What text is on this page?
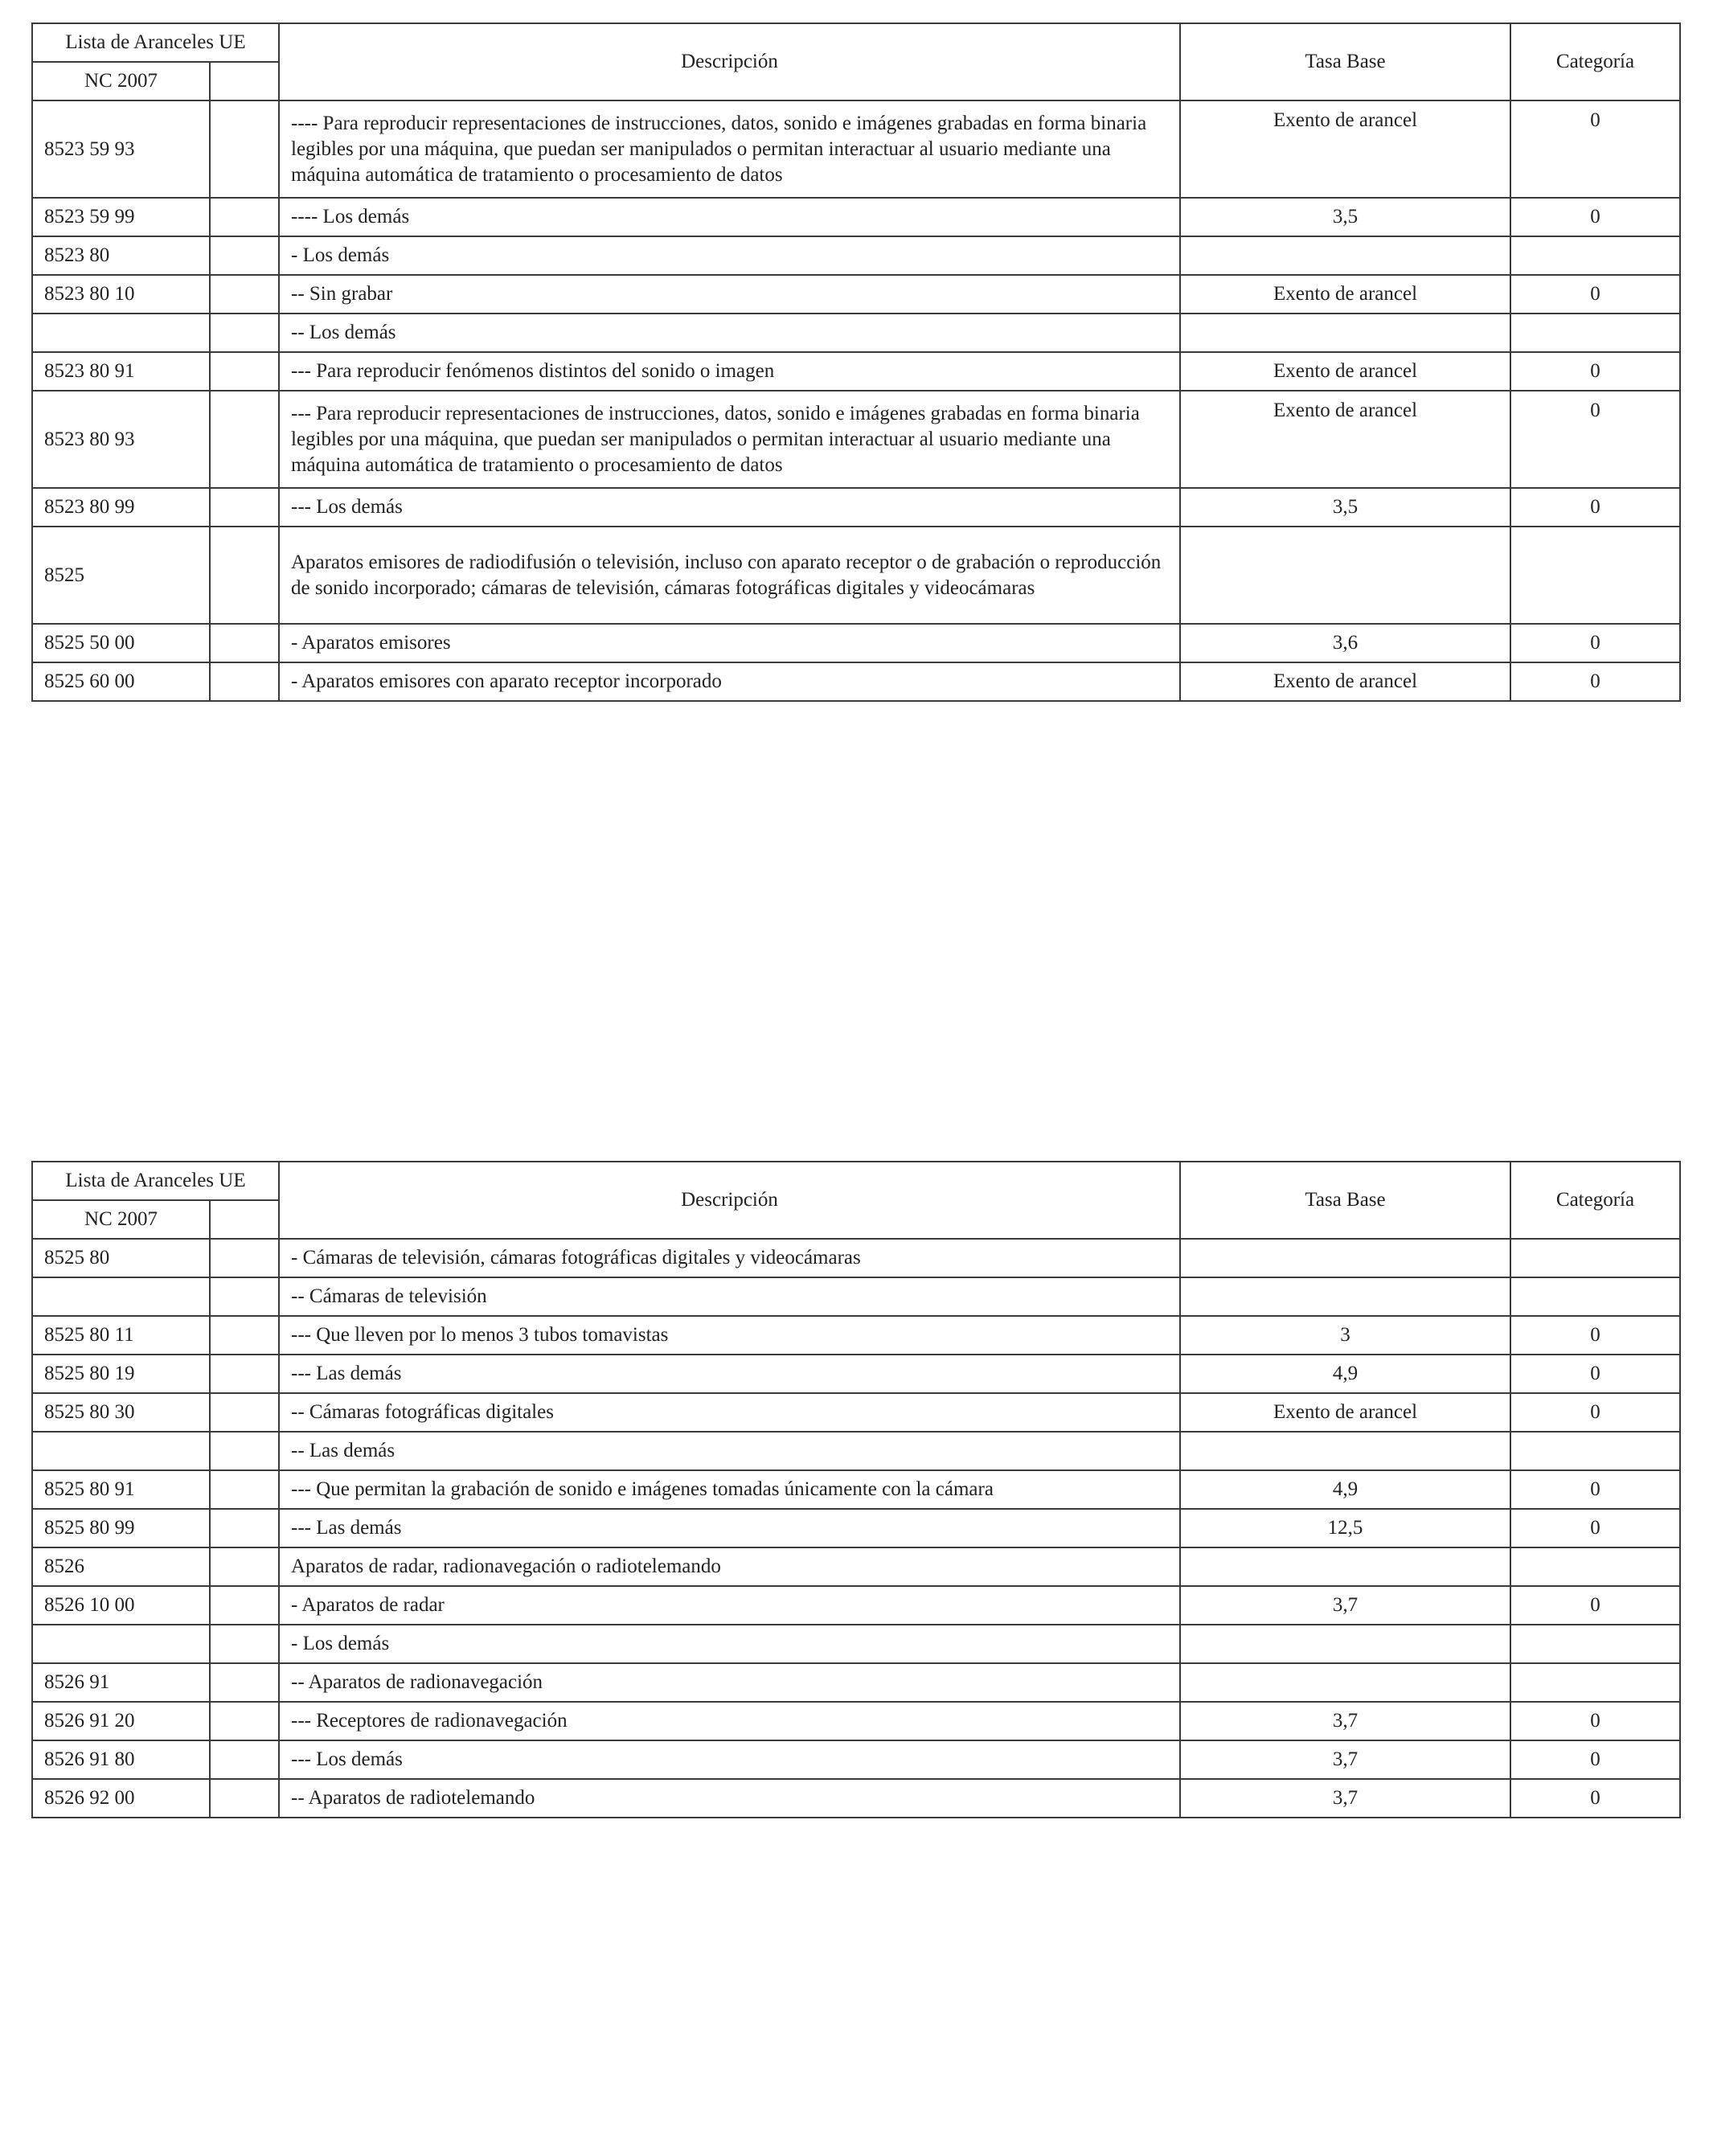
Lista de Aranceles UE		Descripción	Tasa Base	Categoría
NC 2007				
8523 59 93		---- Para reproducir representaciones de instrucciones, datos, sonido e imágenes grabadas en forma binaria legibles por una máquina, que puedan ser manipulados o permitan interactuar al usuario mediante una máquina automática de tratamiento o procesamiento de datos	Exento de arancel	0
8523 59 99		---- Los demás	3,5	0
8523 80		- Los demás		
8523 80 10		-- Sin grabar	Exento de arancel	0
		-- Los demás		
8523 80 91		--- Para reproducir fenómenos distintos del sonido o imagen	Exento de arancel	0
8523 80 93		--- Para reproducir representaciones de instrucciones, datos, sonido e imágenes grabadas en forma binaria legibles por una máquina, que puedan ser manipulados o permitan interactuar al usuario mediante una máquina automática de tratamiento o procesamiento de datos	Exento de arancel	0
8523 80 99		--- Los demás	3,5	0
8525		Aparatos emisores de radiodifusión o televisión, incluso con aparato receptor o de grabación o reproducción de sonido incorporado; cámaras de televisión, cámaras fotográficas digitales y videocámaras		
8525 50 00		- Aparatos emisores	3,6	0
8525 60 00		- Aparatos emisores con aparato receptor incorporado	Exento de arancel	0
Lista de Aranceles UE		Descripción	Tasa Base	Categoría
NC 2007				
8525 80		- Cámaras de televisión, cámaras fotográficas digitales y videocámaras		
		-- Cámaras de televisión		
8525 80 11		--- Que lleven por lo menos 3 tubos tomavistas	3	0
8525 80 19		--- Las demás	4,9	0
8525 80 30		-- Cámaras fotográficas digitales	Exento de arancel	0
		-- Las demás		
8525 80 91		--- Que permitan la grabación de sonido e imágenes tomadas únicamente con la cámara	4,9	0
8525 80 99		--- Las demás	12,5	0
8526		Aparatos de radar, radionavegación o radiotelemando		
8526 10 00		- Aparatos de radar	3,7	0
		- Los demás		
8526 91		-- Aparatos de radionavegación		
8526 91 20		--- Receptores de radionavegación	3,7	0
8526 91 80		--- Los demás	3,7	0
8526 92 00		-- Aparatos de radiotelemando	3,7	0
